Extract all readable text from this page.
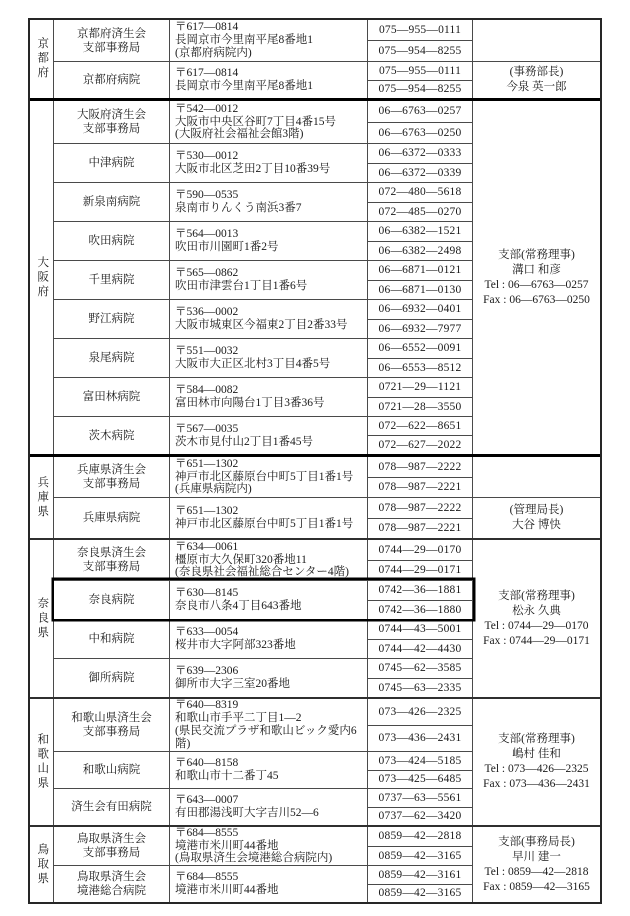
京都府
京都府済生会
支部事務局
〒617—0814
長岡京市今里南平尾8番地1
(京都府病院内)
075—955—0111
075—954—8255
京都府病院
〒617—0814
長岡京市今里南平尾8番地1
075—955—0111
075—954—8255
(事務部長)
今泉 英一郎
大阪府
大阪府済生会
支部事務局
〒542—0012
大阪市中央区谷町7丁目4番15号
(大阪府社会福祉会館3階)
06—6763—0257
06—6763—0250
中津病院
〒530—0012
大阪市北区芝田2丁目10番39号
06—6372—0333
06—6372—0339
新泉南病院
〒590—0535
泉南市りんくう南浜3番7
072—480—5618
072—485—0270
吹田病院
〒564—0013
吹田市川園町1番2号
06—6382—1521
06—6382—2498
千里病院
〒565—0862
吹田市津雲台1丁目1番6号
06—6871—0121
06—6871—0130
野江病院
〒536—0002
大阪市城東区今福東2丁目2番33号
06—6932—0401
06—6932—7977
泉尾病院
〒551—0032
大阪市大正区北村3丁目4番5号
06—6552—0091
06—6553—8512
富田林病院
〒584—0082
富田林市向陽台1丁目3番36号
0721—29—1121
0721—28—3550
茨木病院
〒567—0035
茨木市見付山2丁目1番45号
072—622—8651
072—627—2022
支部(常務理事)
溝口 和彦
Tel : 06—6763—0257
Fax : 06—6763—0250
兵庫県
兵庫県済生会
支部事務局
〒651—1302
神戸市北区藤原台中町5丁目1番1号
(兵庫県病院内)
078—987—2222
078—987—2221
兵庫県病院
〒651—1302
神戸市北区藤原台中町5丁目1番1号
078—987—2222
078—987—2221
(管理局長)
大谷 博快
奈良県
奈良県済生会
支部事務局
〒634—0061
橿原市大久保町320番地11
(奈良県社会福祉総合センター4階)
0744—29—0170
0744—29—0171
奈良病院
〒630—8145
奈良市八条4丁目643番地
0742—36—1881
0742—36—1880
中和病院
〒633—0054
桜井市大字阿部323番地
0744—43—5001
0744—42—4430
御所病院
〒639—2306
御所市大字三室20番地
0745—62—3585
0745—63—2335
支部(常務理事)
松永 久典
Tel : 0744—29—0170
Fax : 0744—29—0171
和歌山県
和歌山県済生会
支部事務局
〒640—8319
和歌山市手平二丁目1—2
(県民交流プラザ和歌山ビック愛内6
階)
073—426—2325
073—436—2431
和歌山病院
〒640—8158
和歌山市十二番丁45
073—424—5185
073—425—6485
済生会有田病院
〒643—0007
有田郡湯浅町大字吉川52—6
0737—63—5561
0737—62—3420
支部(常務理事)
嶋村 佳和
Tel : 073—426—2325
Fax : 073—436—2431
鳥取県
鳥取県済生会
支部事務局
〒684—8555
境港市米川町44番地
(鳥取県済生会境港総合病院内)
0859—42—2818
0859—42—3165
鳥取県済生会
境港総合病院
〒684—8555
境港市米川町44番地
0859—42—3161
0859—42—3165
支部(事務局長)
早川 建一
Tel : 0859—42—2818
Fax : 0859—42—3165
